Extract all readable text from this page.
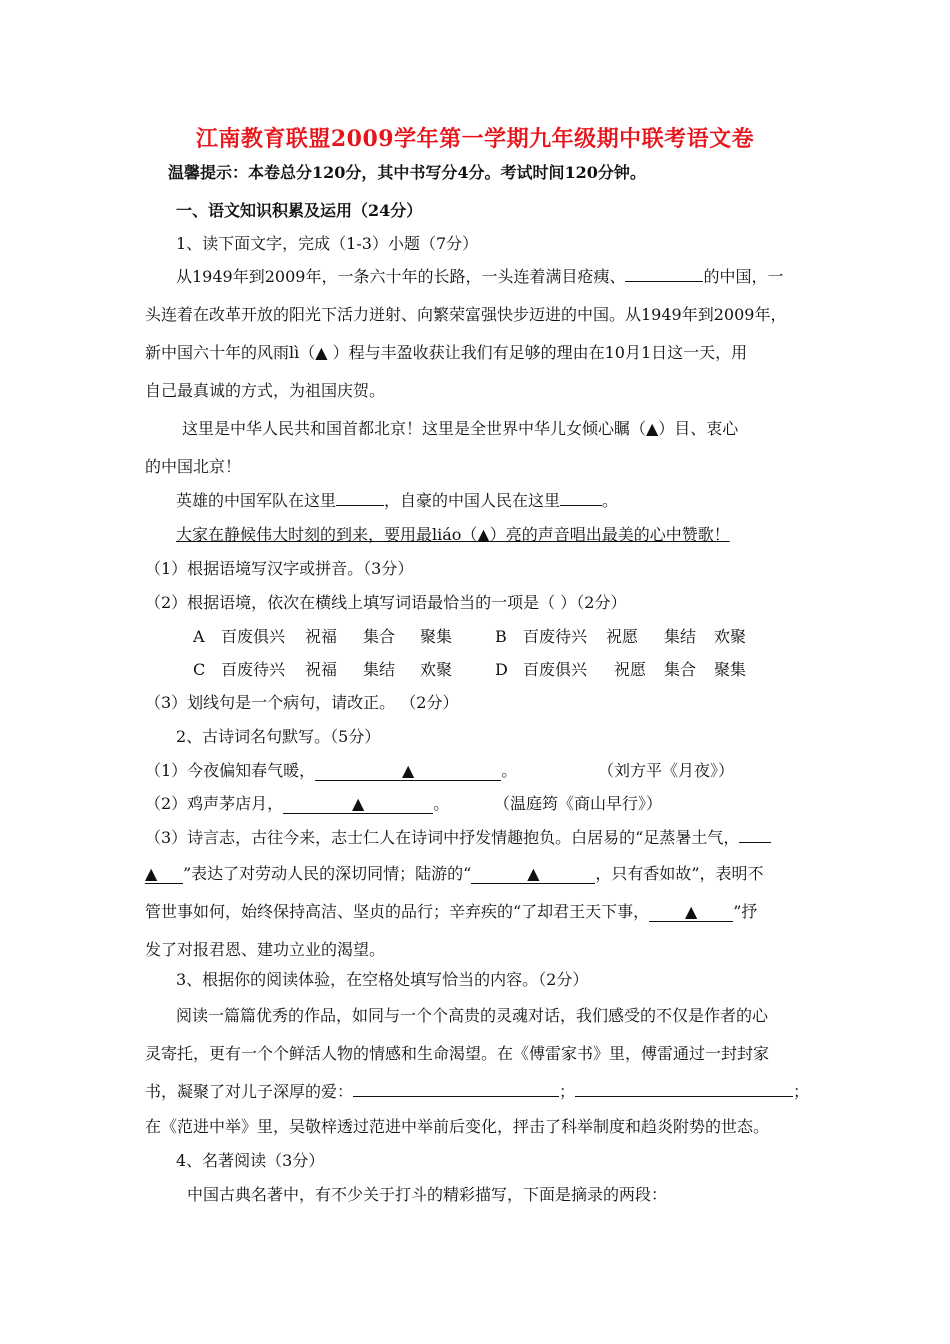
江南教育联盟2009学年第一学期九年级期中联考语文卷
温馨提示：本卷总分120分，其中书写分4分。考试时间120分钟。
一、语文知识积累及运用（24分）
1、读下面文字，完成（1-3）小题（7分）
从1949年到2009年，一条六十年的长路，一头连着满目疮痍、	的中国，一
头连着在改革开放的阳光下活力迸射、向繁荣富强快步迈进的中国。从1949年到2009年，
新中国六十年的风雨lì（▲ ）程与丰盈收获让我们有足够的理由在10月1日这一天，用
自己最真诚的方式，为祖国庆贺。
这里是中华人民共和国首都北京！这里是全世界中华儿女倾心瞩（▲）目、衷心
的中国北京！
英雄的中国军队在这里	，自豪的中国人民在这里	。
大家在静候伟大时刻的到来，要用最liáo（▲）亮的声音唱出最美的心中赞歌！
（1）根据语境写汉字或拼音。（3分）
（2）根据语境，依次在横线上填写词语最恰当的一项是（ ）（2分）
A 百废俱兴 祝福 集合 聚集	B 百废待兴 祝愿 集结 欢聚
C 百废待兴 祝福 集结 欢聚	D 百废俱兴 祝愿 集合 聚集
（3）划线句是一个病句，请改正。 （2分）
2、古诗词名句默写。（5分）
（1）今夜偏知春气暖，	▲	。	（刘方平《月夜》）
（2）鸡声茅店月，	▲	。	（温庭筠《商山早行》）
（3）诗言志，古往今来，志士仁人在诗词中抒发情趣抱负。白居易的“足蒸暑土气，
▲ ”表达了对劳动人民的深切同情；陆游的“	▲	，只有香如故”，表明不
管世事如何，始终保持高洁、坚贞的品行；辛弃疾的“了却君王天下事， ▲ ”抒
发了对报君恩、建功立业的渴望。
3、根据你的阅读体验，在空格处填写恰当的内容。（2分）
阅读一篇篇优秀的作品，如同与一个个高贵的灵魂对话，我们感受的不仅是作者的心
灵寄托，更有一个个鲜活人物的情感和生命渴望。在《傅雷家书》里，傅雷通过一封封家
书，凝聚了对儿子深厚的爱：	；	；
在《范进中举》里，吴敬梓透过范进中举前后变化，抨击了科举制度和趋炎附势的世态。
4、名著阅读（3分）
中国古典名著中，有不少关于打斗的精彩描写，下面是摘录的两段：
